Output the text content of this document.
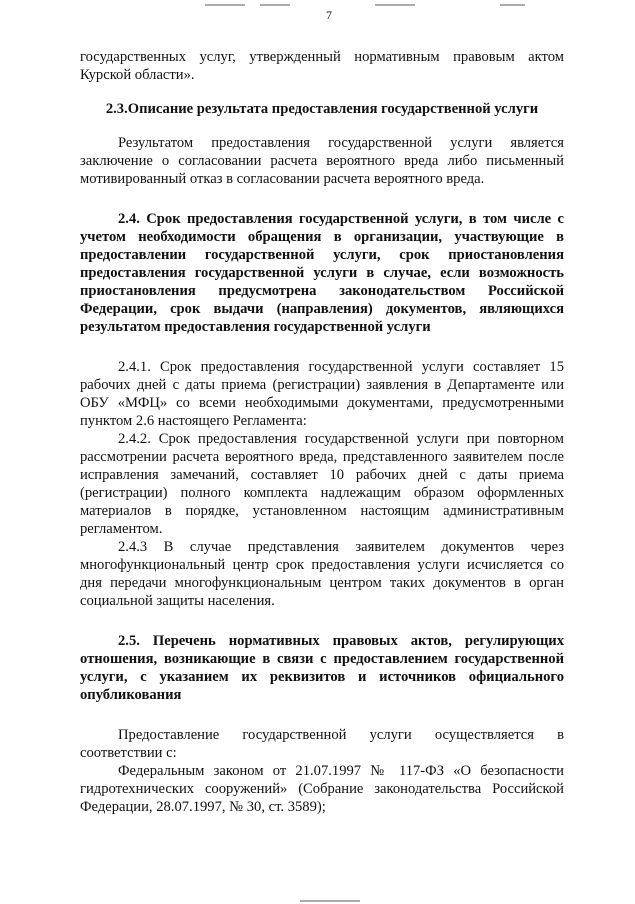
7

государственных услуг, утвержденный нормативным правовым актом Курской области».

2.3.Описание результата предоставления государственной услуги

Результатом предоставления государственной услуги является заключение о согласовании расчета вероятного вреда либо письменный мотивированный отказ в согласовании расчета вероятного вреда.

2.4. Срок предоставления государственной услуги, в том числе с учетом необходимости обращения в организации, участвующие в предоставлении государственной услуги, срок приостановления предоставления государственной услуги в случае, если возможность приостановления предусмотрена законодательством Российской Федерации, срок выдачи (направления) документов, являющихся результатом предоставления государственной услуги

2.4.1. Срок предоставления государственной услуги составляет 15 рабочих дней с даты приема (регистрации) заявления в Департаменте или ОБУ «МФЦ» со всеми необходимыми документами, предусмотренными пунктом 2.6 настоящего Регламента:

2.4.2. Срок предоставления государственной услуги при повторном рассмотрении расчета вероятного вреда, представленного заявителем после исправления замечаний, составляет 10 рабочих дней с даты приема (регистрации) полного комплекта надлежащим образом оформленных материалов в порядке, установленном настоящим административным регламентом.

2.4.3 В случае представления заявителем документов через многофункциональный центр срок предоставления услуги исчисляется со дня передачи многофункциональным центром таких документов в орган социальной защиты населения.

2.5. Перечень нормативных правовых актов, регулирующих отношения, возникающие в связи с предоставлением государственной услуги, с указанием их реквизитов и источников официального опубликования

Предоставление государственной услуги осуществляется в соответствии с:

Федеральным законом от 21.07.1997 № 117-ФЗ «О безопасности гидротехнических сооружений» (Собрание законодательства Российской Федерации, 28.07.1997, № 30, ст. 3589);
